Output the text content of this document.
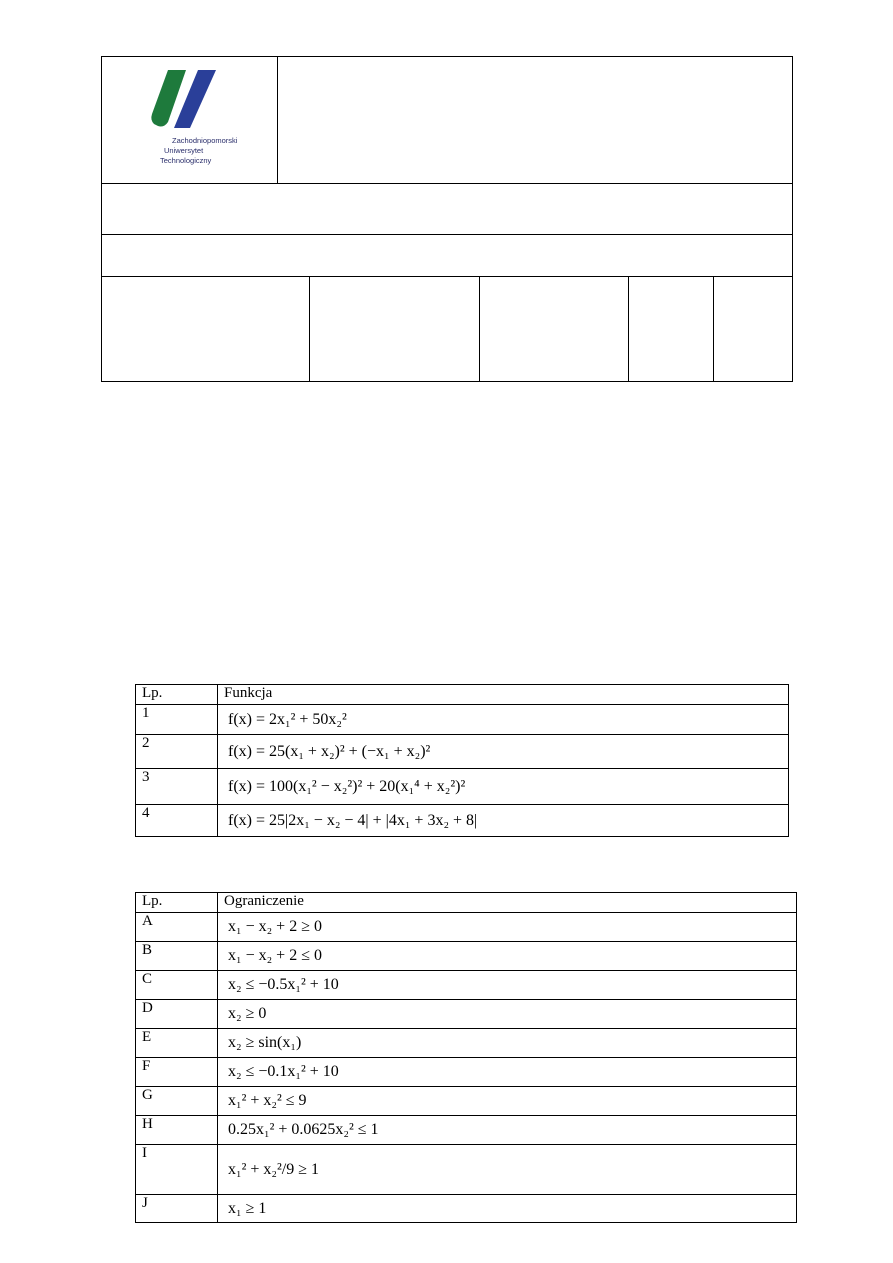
Zachodniopomorski
Uniwersytet
Technologiczny
Lp.	Funkcja
1	f(x) = 2x₁² + 50x₂²
2	f(x) = 25(x₁ + x₂)² + (−x₁ + x₂)²
3	f(x) = 100(x₁² − x₂²)² + 20(x₁⁴ + x₂²)²
4	f(x) = 25|2x₁ − x₂ − 4| + |4x₁ + 3x₂ + 8|
Lp.	Ograniczenie
A	x₁ − x₂ + 2 ≥ 0
B	x₁ − x₂ + 2 ≤ 0
C	x₂ ≤ −0.5x₁² + 10
D	x₂ ≥ 0
E	x₂ ≥ sin(x₁)
F	x₂ ≤ −0.1x₁² + 10
G	x₁² + x₂² ≤ 9
H	0.25x₁² + 0.0625x₂² ≤ 1
I	x₁² + x₂²/9 ≥ 1
J	x₁ ≥ 1
